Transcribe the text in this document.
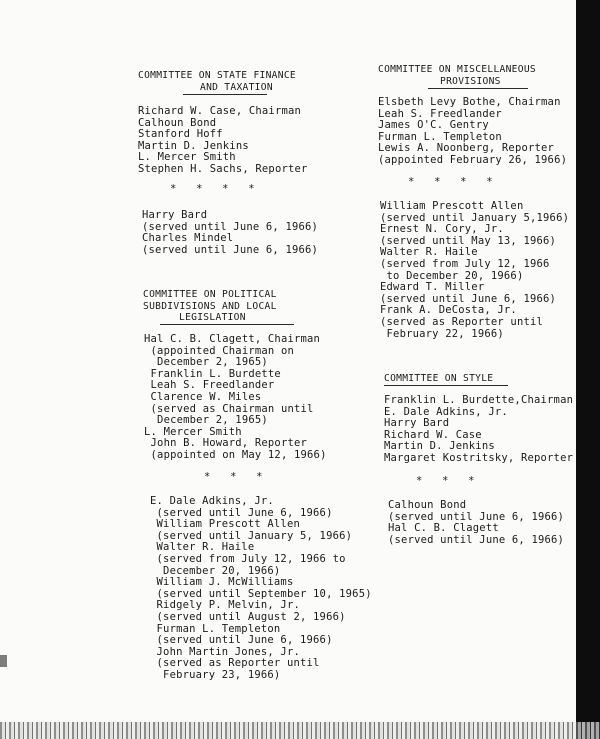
COMMITTEE ON STATE FINANCE
AND TAXATION
Richard W. Case, Chairman
Calhoun Bond
Stanford Hoff
Martin D. Jenkins
L. Mercer Smith
Stephen H. Sachs, Reporter
*   *   *   *
Harry Bard
(served until June 6, 1966)
Charles Mindel
(served until June 6, 1966)
COMMITTEE ON POLITICAL
SUBDIVISIONS AND LOCAL
LEGISLATION
Hal C. B. Clagett, Chairman
(appointed Chairman on
December 2, 1965)
Franklin L. Burdette
Leah S. Freedlander
Clarence W. Miles
(served as Chairman until
December 2, 1965)
L. Mercer Smith
John B. Howard, Reporter
(appointed on May 12, 1966)
*   *   *
E. Dale Adkins, Jr.
(served until June 6, 1966)
William Prescott Allen
(served until January 5, 1966)
Walter R. Haile
(served from July 12, 1966 to
December 20, 1966)
William J. McWilliams
(served until September 10, 1965)
Ridgely P. Melvin, Jr.
(served until August 2, 1966)
Furman L. Templeton
(served until June 6, 1966)
John Martin Jones, Jr.
(served as Reporter until
February 23, 1966)
COMMITTEE ON MISCELLANEOUS
PROVISIONS
Elsbeth Levy Bothe, Chairman
Leah S. Freedlander
James O'C. Gentry
Furman L. Templeton
Lewis A. Noonberg, Reporter
(appointed February 26, 1966)
*   *   *   *
William Prescott Allen
(served until January 5,1966)
Ernest N. Cory, Jr.
(served until May 13, 1966)
Walter R. Haile
(served from July 12, 1966
to December 20, 1966)
Edward T. Miller
(served until June 6, 1966)
Frank A. DeCosta, Jr.
(served as Reporter until
February 22, 1966)
COMMITTEE ON STYLE
Franklin L. Burdette,Chairman
E. Dale Adkins, Jr.
Harry Bard
Richard W. Case
Martin D. Jenkins
Margaret Kostritsky, Reporter
*   *   *
Calhoun Bond
(served until June 6, 1966)
Hal C. B. Clagett
(served until June 6, 1966)
